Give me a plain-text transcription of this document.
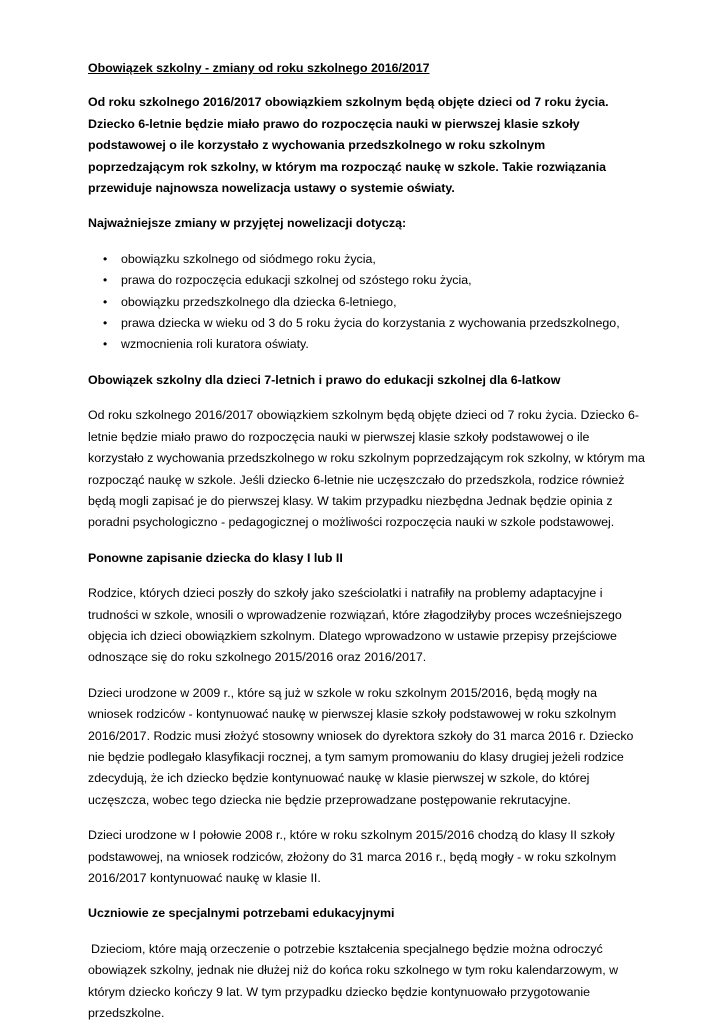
Obowiązek szkolny - zmiany od roku szkolnego 2016/2017

Od roku szkolnego 2016/2017 obowiązkiem szkolnym będą objęte dzieci od 7 roku życia. Dziecko 6-letnie będzie miało prawo do rozpoczęcia nauki w pierwszej klasie szkoły podstawowej o ile korzystało z wychowania przedszkolnego w roku szkolnym poprzedzającym rok szkolny, w którym ma rozpocząć naukę w szkole. Takie rozwiązania przewiduje najnowsza nowelizacja ustawy o systemie oświaty.

Najważniejsze zmiany w przyjętej nowelizacji dotyczą:
• obowiązku szkolnego od siódmego roku życia,
• prawa do rozpoczęcia edukacji szkolnej od szóstego roku życia,
• obowiązku przedszkolnego dla dziecka 6-letniego,
• prawa dziecka w wieku od 3 do 5 roku życia do korzystania z wychowania przedszkolnego,
• wzmocnienia roli kuratora oświaty.
Obowiązek szkolny dla dzieci 7-letnich i prawo do edukacji szkolnej dla 6-latkow

Od roku szkolnego 2016/2017 obowiązkiem szkolnym będą objęte dzieci od 7 roku życia. Dziecko 6-letnie będzie miało prawo do rozpoczęcia nauki w pierwszej klasie szkoły podstawowej o ile korzystało z wychowania przedszkolnego w roku szkolnym poprzedzającym rok szkolny, w którym ma rozpocząć naukę w szkole. Jeśli dziecko 6-letnie nie uczęszczało do przedszkola, rodzice również będą mogli zapisać je do pierwszej klasy. W takim przypadku niezbędna Jednak będzie opinia z poradni psychologiczno - pedagogicznej o możliwości rozpoczęcia nauki w szkole podstawowej.

Ponowne zapisanie dziecka do klasy I lub II

Rodzice, których dzieci poszły do szkoły jako sześciolatki i natrafiły na problemy adaptacyjne i trudności w szkole, wnosili o wprowadzenie rozwiązań, które złagodziłyby proces wcześniejszego objęcia ich dzieci obowiązkiem szkolnym. Dlatego wprowadzono w ustawie przepisy przejściowe odnoszące się do roku szkolnego 2015/2016 oraz 2016/2017.

Dzieci urodzone w 2009 r., które są już w szkole w roku szkolnym 2015/2016, będą mogły na wniosek rodziców - kontynuować naukę w pierwszej klasie szkoły podstawowej w roku szkolnym 2016/2017. Rodzic musi złożyć stosowny wniosek do dyrektora szkoły do 31 marca 2016 r. Dziecko nie będzie podlegało klasyfikacji rocznej, a tym samym promowaniu do klasy drugiej jeżeli rodzice zdecydują, że ich dziecko będzie kontynuować naukę w klasie pierwszej w szkole, do której uczęszcza, wobec tego dziecka nie będzie przeprowadzane postępowanie rekrutacyjne.

Dzieci urodzone w I połowie 2008 r., które w roku szkolnym 2015/2016 chodzą do klasy II szkoły podstawowej, na wniosek rodziców, złożony do 31 marca 2016 r., będą mogły - w roku szkolnym 2016/2017 kontynuować naukę w klasie II.

Uczniowie ze specjalnymi potrzebami edukacyjnymi

Dzieciom, które mają orzeczenie o potrzebie kształcenia specjalnego będzie można odroczyć obowiązek szkolny, jednak nie dłużej niż do końca roku szkolnego w tym roku kalendarzowym, w którym dziecko kończy 9 lat. W tym przypadku dziecko będzie kontynuowało przygotowanie przedszkolne.
